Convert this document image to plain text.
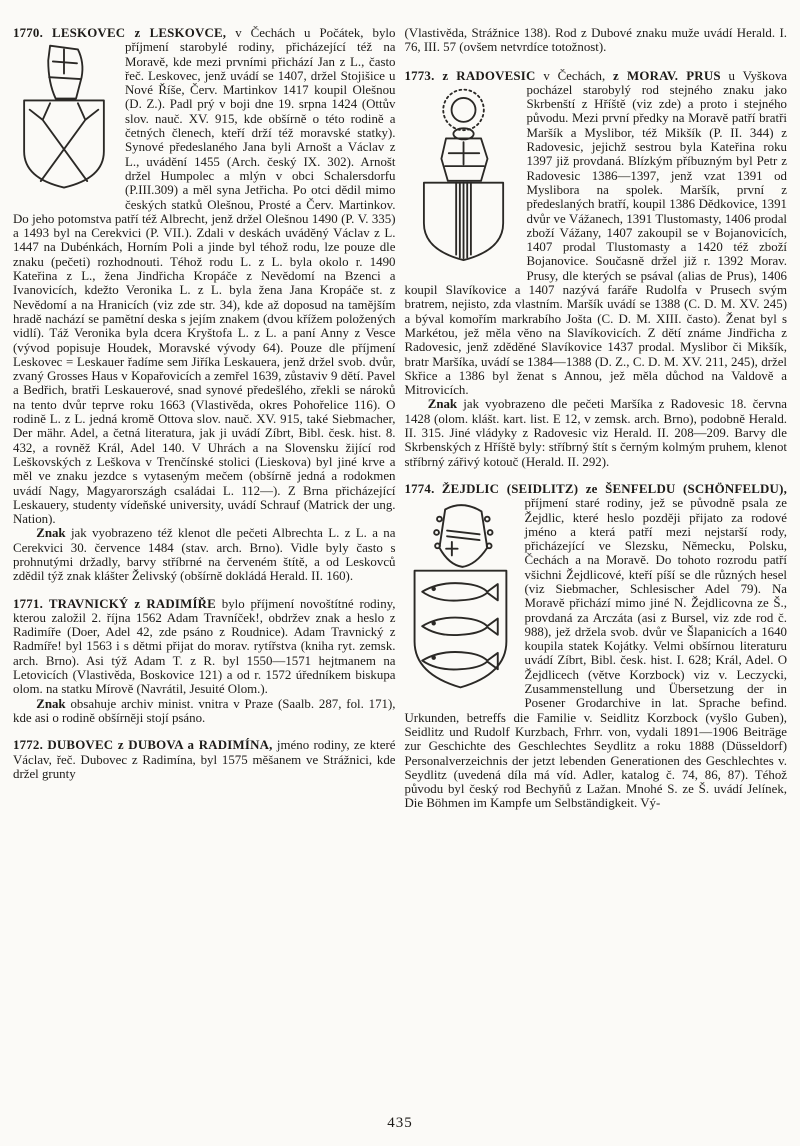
1770. LESKOVEC z LESKOVCE, v Čechách u Počátek, bylo příjmení starobylé rodiny, přicházející též na Moravě, kde mezi prvními přichází Jan z L., často řeč. Leskovec, jenž uvádí se 1407, držel Stojišice u Nové Říše, Červ. Martinkov 1417 koupil Olešnou (D. Z.). Padl prý v boji dne 19. srpna 1424 (Ottův slov. nauč. XV. 915, kde obšírně o této rodině a četných členech, kteří drží též moravské statky). Synové předeslaného Jana byli Arnošt a Václav z L., uvádění 1455 (Arch. český IX. 302). Arnošt držel Humpolec a mlýn v obci Schalersdorfu (P.III.309) a měl syna Jetřicha. Po otci dědil mimo českých statků Olešnou, Prosté a Červ. Martinkov. Do jeho potomstva patří též Albrecht, jenž držel Olešnou 1490 (P. V. 335) a 1493 byl na Cerekvici (P. VII.). Zdali v deskách uváděný Václav z L. 1447 na Dubénkách, Horním Poli a jinde byl téhož rodu, lze pouze dle znaku (pečeti) rozhodnouti. Téhož rodu L. z L. byla okolo r. 1490 Kateřina z L., žena Jindřicha Kropáče z Nevědomí na Bzenci a Ivanovicích, kdežto Veronika L. z L. byla žena Jana Kropáče st. z Nevědomí a na Hranicích (viz zde str. 34), kde až doposud na tamějším hradě nachází se pamětní deska s jejím znakem (dvou křížem položených vidlí). Táž Veronika byla dcera Kryštofa L. z L. a paní Anny z Vesce (vývod popisuje Houdek, Moravské vývody 64). Pouze dle příjmení Leskovec = Leskauer řadíme sem Jiříka Leskauera, jenž držel svob. dvůr, zvaný Grosses Haus v Kopařovicích a zemřel 1639, zůstaviv 9 dětí. Pavel a Bedřich, bratři Leskauerové, snad synové předešlého, zřekli se nároků na tento dvůr teprve roku 1663 (Vlastivěda, okres Pohořelice 116). O rodině L. z L. jedná kromě Ottova slov. nauč. XV. 915, také Siebmacher, Der mähr. Adel, a četná literatura, jak ji uvádí Zíbrt, Bibl. česk. hist. 8. 432, a rovněž Král, Adel 140. V Uhrách a na Slovensku žijící rod Leškovských z Leškova v Trenčínské stolici (Lieskova) byl jiné krve a měl ve znaku jezdce s vytaseným mečem (obšírně jedná a rodokmen uvádí Nagy, Magyarországh családai L. 112—). Z Brna přicházející Leskauery, studenty vídeňské university, uvádí Schrauf (Matrick der ung. Nation).

Znak jak vyobrazeno též klenot dle pečeti Albrechta L. z L. a na Cerekvici 30. července 1484 (stav. arch. Brno). Vidle byly často s prohnutými držadly, barvy stříbrné na červeném štítě, a od Leskovců zdědil týž znak klášter Želivský (obšírně dokládá Herald. II. 160).

1771. TRAVNICKÝ z RADIMÍŘE bylo příjmení novoštítné rodiny, kterou založil 2. října 1562 Adam Travníček!, obdržev znak a heslo z Radimíře (Doer, Adel 42, zde psáno z Roudnice). Adam Travnický z Radmíře! byl 1563 i s dětmi přijat do morav. rytířstva (kniha ryt. zemsk. arch. Brno). Asi týž Adam T. z R. byl 1550—1571 hejtmanem na Letovicích (Vlastivěda, Boskovice 121) a od r. 1572 úředníkem biskupa olom. na statku Mírově (Navrátil, Jesuité Olom.).

Znak obsahuje archiv minist. vnitra v Praze (Saalb. 287, fol. 171), kde asi o rodině obšírněji stojí psáno.

1772. DUBOVEC z DUBOVA a RADIMÍNA, jméno rodiny, ze které Václav, řeč. Dubovec z Radimína, byl 1575 měšanem ve Strážnici, kde držel grunty

(Vlastivěda, Strážnice 138). Rod z Dubové znaku muže uvádí Herald. I. 76, III. 57 (ovšem netvrdíce totožnost).

1773. z RADOVESIC v Čechách, z MORAV. PRUS u Vyškova pocházel starobylý rod stejného znaku jako Skrbenští z Hříště (viz zde) a proto i stejného původu. Mezi první předky na Moravě patří bratři Maršík a Myslibor, též Mikšík (P. II. 344) z Radovesic, jejichž sestrou byla Kateřina roku 1397 již provdaná. Blízkým příbuzným byl Petr z Radovesic 1386—1397, jenž vzat 1391 od Myslibora na spolek. Maršík, první z předeslaných bratří, koupil 1386 Dědkovice, 1391 dvůr ve Vážanech, 1391 Tlustomasty, 1406 prodal zboží Vážany, 1407 zakoupil se v Bojanovicích, 1407 prodal Tlustomasty a 1420 též zboží Bojanovice. Současně držel již r. 1392 Morav. Prusy, dle kterých se psával (alias de Prus), 1406 koupil Slavíkovice a 1407 nazývá faráře Rudolfa v Prusech svým bratrem, nejisto, zda vlastním. Maršík uvádí se 1388 (C. D. M. XV. 245) a býval komořím markrabího Jošta (C. D. M. XIII. často). Ženat byl s Markétou, jež měla věno na Slavíkovicích. Z dětí známe Jindřicha z Radovesic, jenž zděděné Slavíkovice 1437 prodal. Myslibor či Mikšík, bratr Maršíka, uvádí se 1384—1388 (D. Z., C. D. M. XV. 211, 245), držel Skřice a 1386 byl ženat s Annou, jež měla důchod na Valdově a Mitrovicích.

Znak jak vyobrazeno dle pečeti Maršíka z Radovesic 18. června 1428 (olom. klášt. kart. list. E 12, v zemsk. arch. Brno), podobně Herald. II. 315. Jiné vládyky z Radovesic viz Herald. II. 208—209. Barvy dle Skrbenských z Hříště byly: stříbrný štít s černým kolmým pruhem, klenot stříbrný zářivý kotouč (Herald. II. 292).

1774. ŽEJDLIC (SEIDLITZ) ze ŠENFELDU (SCHÖNFELDU),
příjmení staré rodiny, jež se původně psala ze Žejdlic, které heslo později přijato za rodové jméno a která patří mezi nejstarší rody, přicházející ve Slezsku, Německu, Polsku, Čechách a na Moravě. Do tohoto rozrodu patří všichni Žejdlicové, kteří píší se dle různých hesel (viz Siebmacher, Schlesischer Adel 79). Na Moravě přichází mimo jiné N. Žejdlicovna ze Š., provdaná za Arczáta (asi z Bursel, viz zde rod č. 988), jež držela svob. dvůr ve Šlapanicích a 1640 koupila statek Kojátky. Velmi obšírnou literaturu uvádí Zíbrt, Bibl. česk. hist. I. 628; Král, Adel. O Žejdlicech (větve Korzbock) viz v. Leczycki, Zusammenstellung und Übersetzung der in Posener Grodarchive in lat. Sprache befind. Urkunden, betreffs die Familie v. Seidlitz Korzbock (vyšlo Guben), Seidlitz und Rudolf Kurzbach, Frhrr. von, vydali 1891—1906 Beiträge zur Geschichte des Geschlechtes Seydlitz a roku 1888 (Düsseldorf) Personalverzeichnis der jetzt lebenden Generationen des Geschlechtes v. Seydlitz (uvedená díla má víd. Adler, katalog č. 74, 86, 87). Téhož původu byl český rod Bechyňů z Lažan. Mnohé S. ze Š. uvádí Jelínek, Die Böhmen im Kampfe um Selbständigkeit. Vý-

435
